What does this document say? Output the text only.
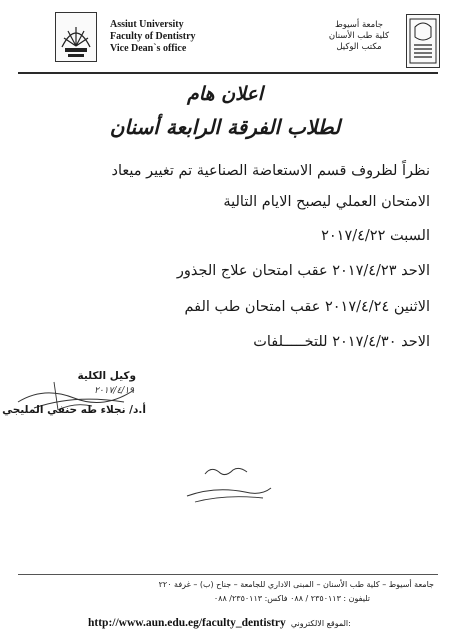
Assiut University
Faculty of Dentistry
Vice Dean`s office
جامعة أسيوط
كلية طب الأسنان
مكتب الوكيل
اعلان هام
لطلاب الفرقة الرابعة أسنان
نظراً لظروف قسم الاستعاضة الصناعية تم تغيير ميعاد
الامتحان العملي ليصبح الايام التالية
السبت ٢٠١٧/٤/٢٢
الاحد ٢٠١٧/٤/٢٣ عقب امتحان علاج الجذور
الاثنين ٢٠١٧/٤/٢٤ عقب امتحان طب الفم
الاحد ٢٠١٧/٤/٣٠ للتخـــــلفات
وكيل الكلية
٢٠١٧/٤/١٩
أ.د/ نجلاء طه حنفي المليجي
جامعة أسيوط – كلية طب الأسنان – المبنى الاداري للجامعة – جناح (ب) – غرفة ٢٢٠
تليفون : ٢٣٥٠١١٣ / ٠٨٨ فاكس: ٢٣٥٠١١٣/ ٠٨٨
http://www.aun.edu.eg/faculty_dentistry الموقع الالكتروني:
